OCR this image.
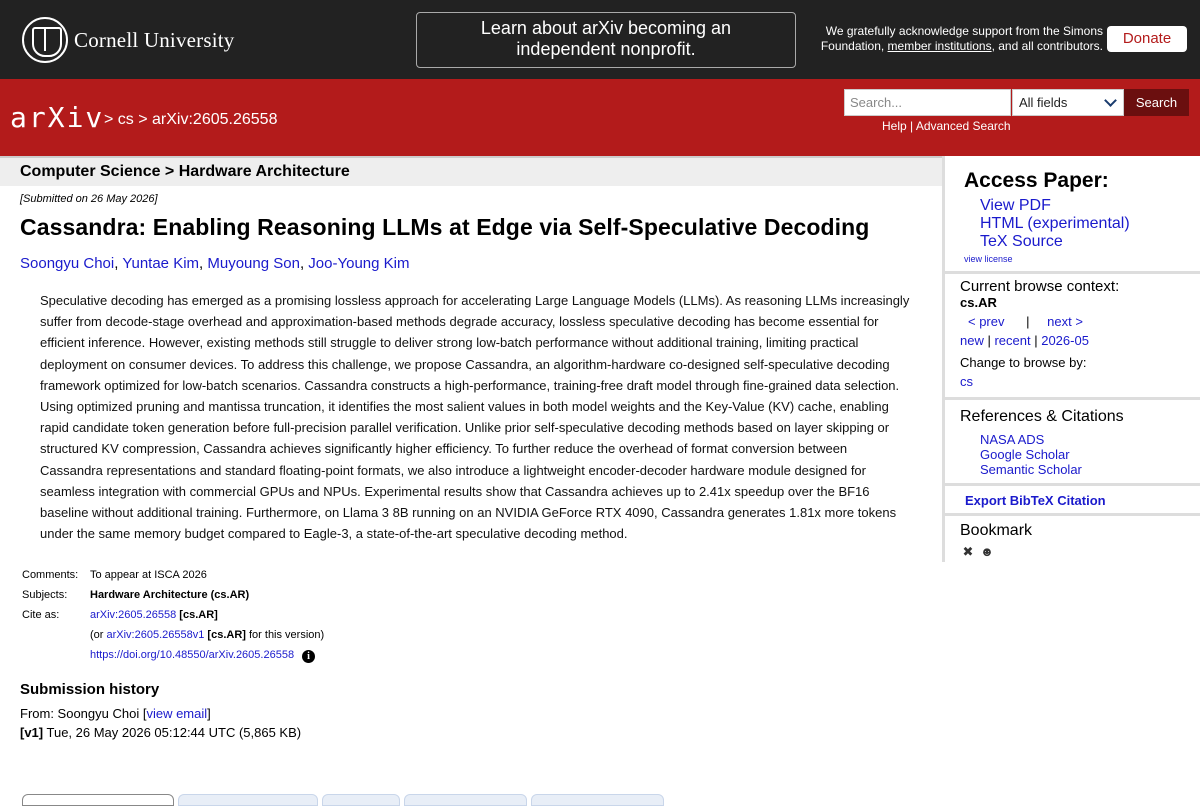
Cornell University	Learn about arXiv becoming an independent nonprofit.
We gratefully acknowledge support from the Simons Foundation, member institutions, and all contributors.	Donate
arXiv > cs > arXiv:2605.26558
Search...
All fields	Search
Help | Advanced Search
Computer Science > Hardware Architecture
[Submitted on 26 May 2026]
Cassandra: Enabling Reasoning LLMs at Edge via Self-Speculative Decoding
Soongyu Choi, Yuntae Kim, Muyoung Son, Joo-Young Kim
Speculative decoding has emerged as a promising lossless approach for accelerating Large Language Models (LLMs). As reasoning LLMs increasingly suffer from decode-stage overhead and approximation-based methods degrade accuracy, lossless speculative decoding has become essential for efficient inference. However, existing methods still struggle to deliver strong low-batch performance without additional training, limiting practical deployment on consumer devices. To address this challenge, we propose Cassandra, an algorithm-hardware co-designed self-speculative decoding framework optimized for low-batch scenarios. Cassandra constructs a high-performance, training-free draft model through fine-grained data selection. Using optimized pruning and mantissa truncation, it identifies the most salient values in both model weights and the Key-Value (KV) cache, enabling rapid candidate token generation before full-precision parallel verification. Unlike prior self-speculative decoding methods based on layer skipping or structured KV compression, Cassandra achieves significantly higher efficiency. To further reduce the overhead of format conversion between Cassandra representations and standard floating-point formats, we also introduce a lightweight encoder-decoder hardware module designed for seamless integration with commercial GPUs and NPUs. Experimental results show that Cassandra achieves up to 2.41x speedup over the BF16 baseline without additional training. Furthermore, on Llama 3 8B running on an NVIDIA GeForce RTX 4090, Cassandra generates 1.81x more tokens under the same memory budget compared to Eagle-3, a state-of-the-art speculative decoding method.
Comments:	To appear at ISCA 2026
Subjects:	Hardware Architecture (cs.AR)
Cite as:	arXiv:2605.26558 [cs.AR]
(or arXiv:2605.26558v1 [cs.AR] for this version)
https://doi.org/10.48550/arXiv.2605.26558 i
Submission history
From: Soongyu Choi [view email]
[v1] Tue, 26 May 2026 05:12:44 UTC (5,865 KB)
Access Paper:
View PDF
HTML (experimental)
TeX Source
view license
Current browse context:
cs.AR
< prev | next >
new | recent | 2026-05
Change to browse by:
cs
References & Citations
NASA ADS
Google Scholar
Semantic Scholar
Export BibTeX Citation
Bookmark
✖ ☻
